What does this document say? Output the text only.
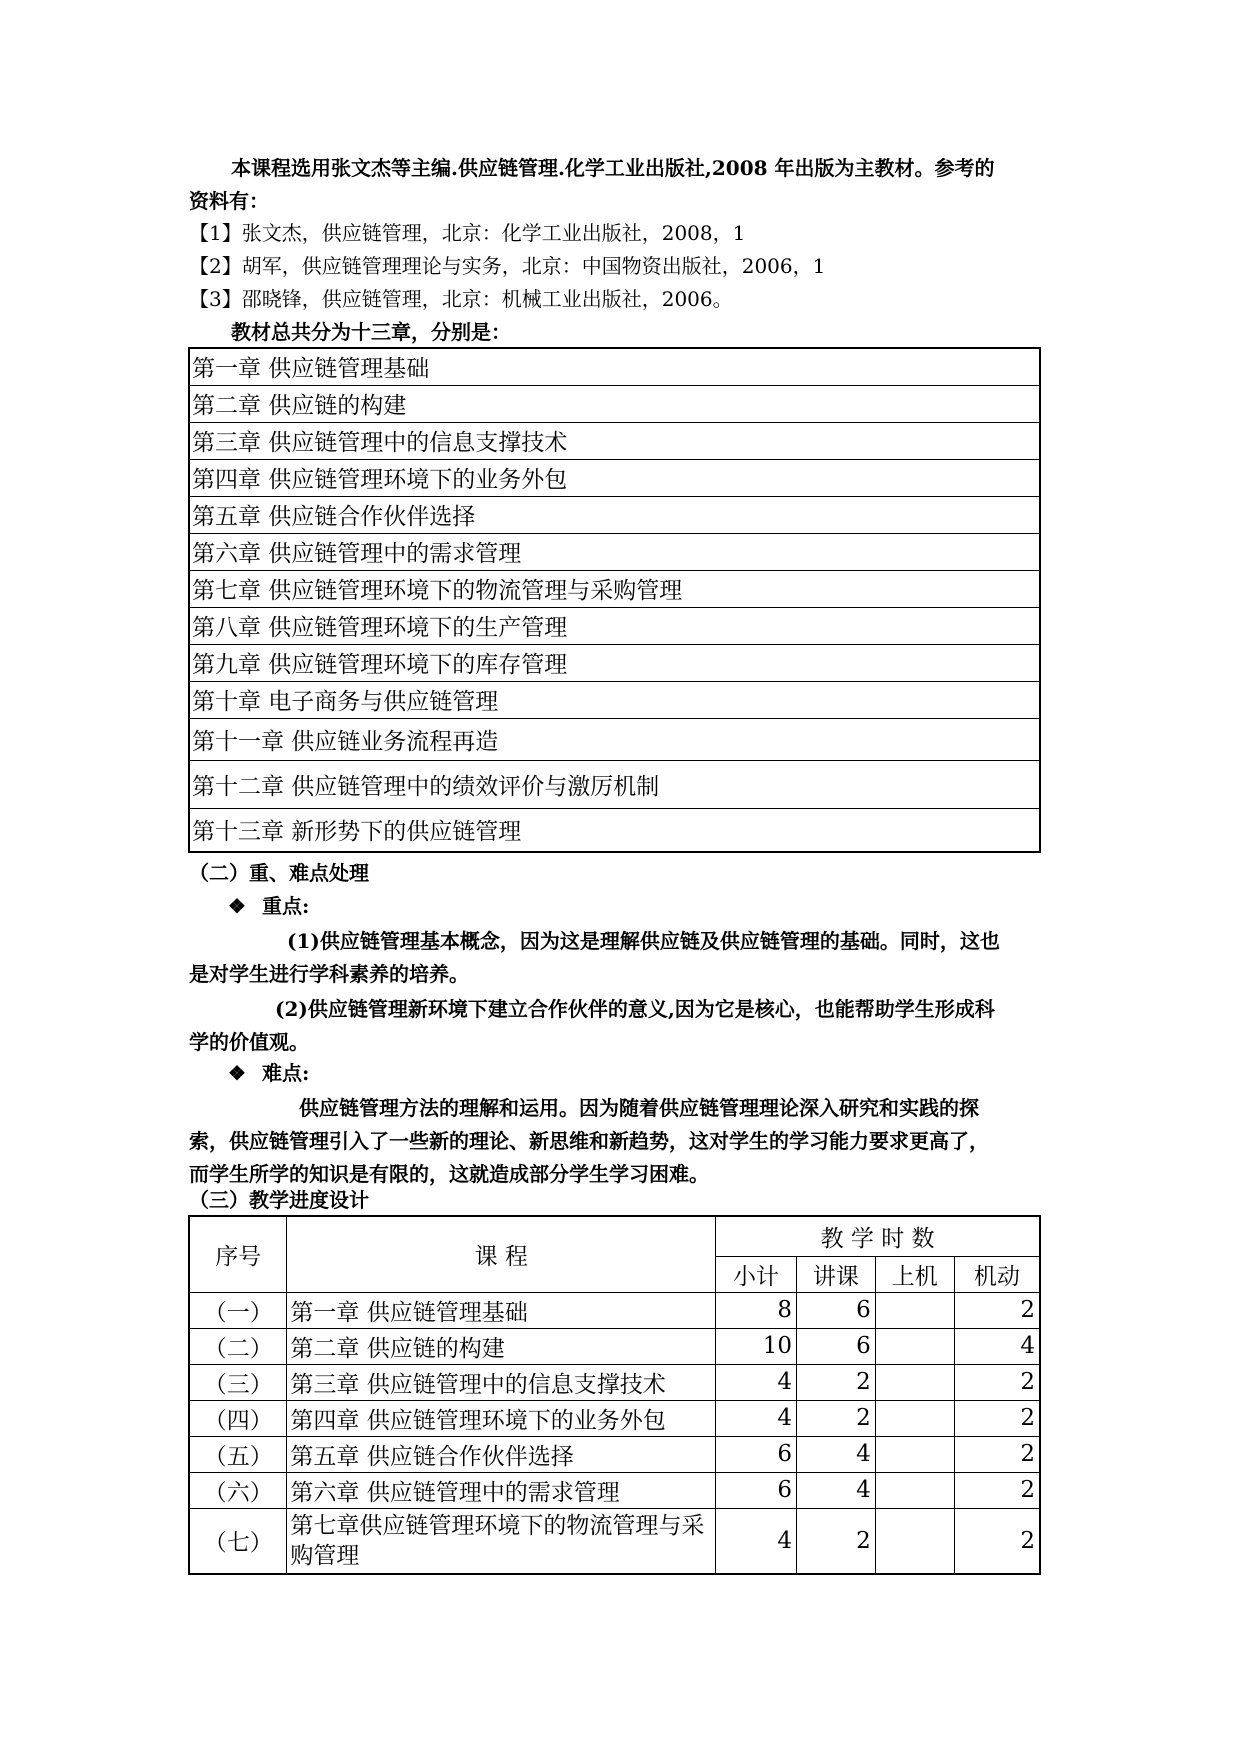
本课程选用张文杰等主编.供应链管理.化学工业出版社,2008 年出版为主教材。参考的
资料有：
【1】张文杰，供应链管理，北京：化学工业出版社，2008，1
【2】胡军，供应链管理理论与实务，北京：中国物资出版社，2006，1
【3】邵晓锋，供应链管理，北京：机械工业出版社，2006。
教材总共分为十三章，分别是：
第一章 供应链管理基础
第二章 供应链的构建
第三章 供应链管理中的信息支撑技术
第四章 供应链管理环境下的业务外包
第五章 供应链合作伙伴选择
第六章 供应链管理中的需求管理
第七章 供应链管理环境下的物流管理与采购管理
第八章 供应链管理环境下的生产管理
第九章 供应链管理环境下的库存管理
第十章 电子商务与供应链管理
第十一章 供应链业务流程再造
第十二章 供应链管理中的绩效评价与激厉机制
第十三章 新形势下的供应链管理
（二）重、难点处理
❖ 重点:
(1)供应链管理基本概念，因为这是理解供应链及供应链管理的基础。同时，这也
是对学生进行学科素养的培养。
(2)供应链管理新环境下建立合作伙伴的意义,因为它是核心，也能帮助学生形成科
学的价值观。
❖ 难点:
供应链管理方法的理解和运用。因为随着供应链管理理论深入研究和实践的探
索，供应链管理引入了一些新的理论、新思维和新趋势，这对学生的学习能力要求更高了，
而学生所学的知识是有限的，这就造成部分学生学习困难。
（三）教学进度设计
序号	课 程	教 学 时 数			
		小计	讲课	上机	机动
（一）	第一章 供应链管理基础	8	6		2
（二）	第二章 供应链的构建	10	6		4
（三）	第三章 供应链管理中的信息支撑技术	4	2		2
（四）	第四章 供应链管理环境下的业务外包	4	2		2
（五）	第五章 供应链合作伙伴选择	6	4		2
（六）	第六章 供应链管理中的需求管理	6	4		2
（七）	第七章供应链管理环境下的物流管理与采购管理	4	2		2
